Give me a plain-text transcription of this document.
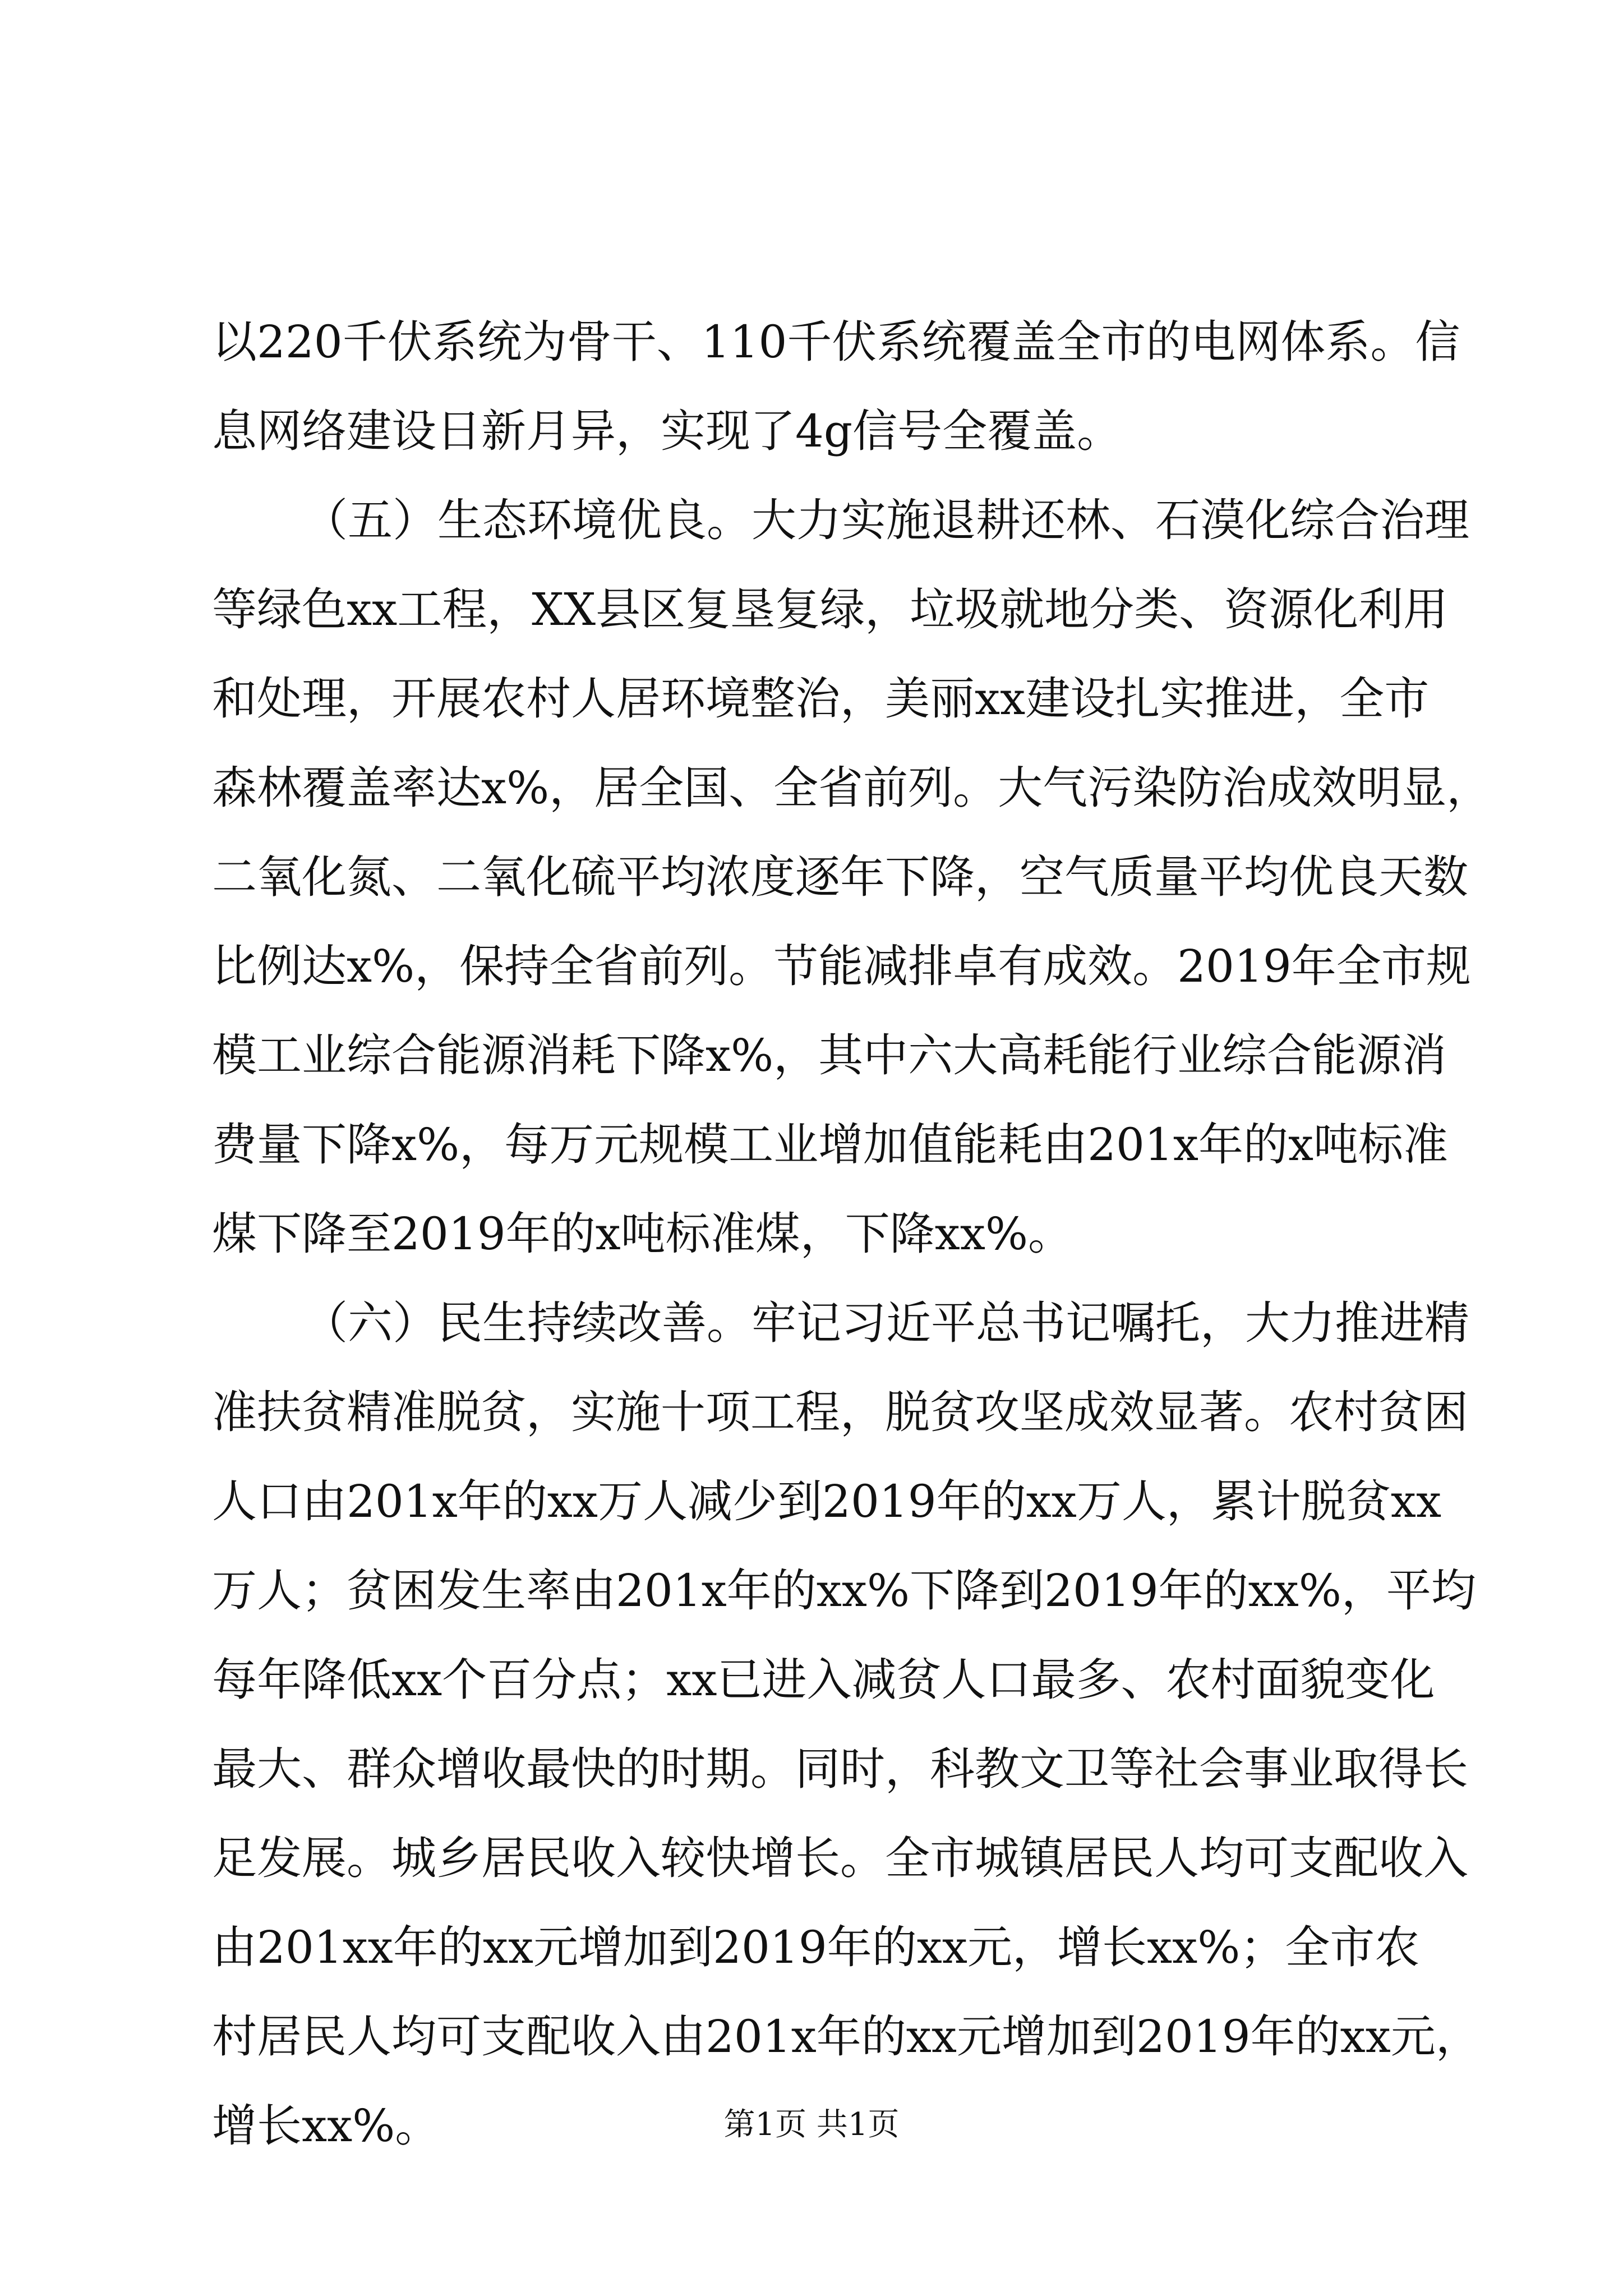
以220千伏系统为骨干、110千伏系统覆盖全市的电网体系。信
息网络建设日新月异，实现了4g信号全覆盖。
（五）生态环境优良。大力实施退耕还林、石漠化综合治理
等绿色xx工程，XX县区复垦复绿，垃圾就地分类、资源化利用
和处理，开展农村人居环境整治，美丽xx建设扎实推进，全市
森林覆盖率达x%，居全国、全省前列。大气污染防治成效明显，
二氧化氮、二氧化硫平均浓度逐年下降，空气质量平均优良天数
比例达x%，保持全省前列。节能减排卓有成效。2019年全市规
模工业综合能源消耗下降x%，其中六大高耗能行业综合能源消
费量下降x%，每万元规模工业增加值能耗由201x年的x吨标准
煤下降至2019年的x吨标准煤，下降xx%。
（六）民生持续改善。牢记习近平总书记嘱托，大力推进精
准扶贫精准脱贫，实施十项工程，脱贫攻坚成效显著。农村贫困
人口由201x年的xx万人减少到2019年的xx万人，累计脱贫xx
万人；贫困发生率由201x年的xx%下降到2019年的xx%，平均
每年降低xx个百分点；xx已进入减贫人口最多、农村面貌变化
最大、群众增收最快的时期。同时，科教文卫等社会事业取得长
足发展。城乡居民收入较快增长。全市城镇居民人均可支配收入
由201xx年的xx元增加到2019年的xx元，增长xx%；全市农
村居民人均可支配收入由201x年的xx元增加到2019年的xx元，
增长xx%。	第1页 共1页
